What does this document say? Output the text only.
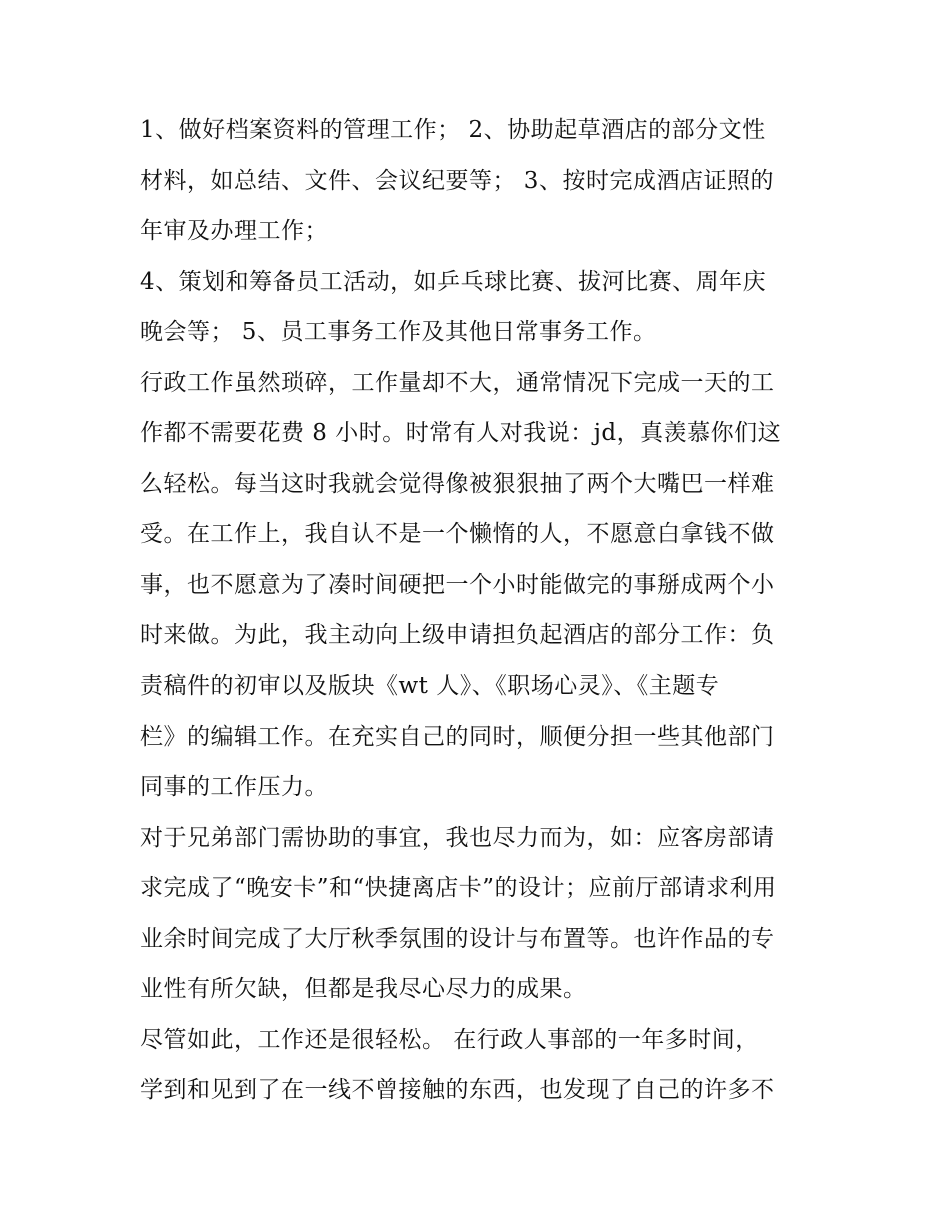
1、做好档案资料的管理工作； 2、协助起草酒店的部分文性
材料，如总结、文件、会议纪要等； 3、按时完成酒店证照的
年审及办理工作；
4、策划和筹备员工活动，如乒乓球比赛、拔河比赛、周年庆
晚会等； 5、员工事务工作及其他日常事务工作。
行政工作虽然琐碎，工作量却不大，通常情况下完成一天的工
作都不需要花费 8 小时。时常有人对我说：jd，真羡慕你们这
么轻松。每当这时我就会觉得像被狠狠抽了两个大嘴巴一样难
受。在工作上，我自认不是一个懒惰的人，不愿意白拿钱不做
事，也不愿意为了凑时间硬把一个小时能做完的事掰成两个小
时来做。为此，我主动向上级申请担负起酒店的部分工作：负
责稿件的初审以及版块《wt 人》、《职场心灵》、《主题专
栏》的编辑工作。在充实自己的同时，顺便分担一些其他部门
同事的工作压力。
对于兄弟部门需协助的事宜，我也尽力而为，如：应客房部请
求完成了“晚安卡”和“快捷离店卡”的设计；应前厅部请求利用
业余时间完成了大厅秋季氛围的设计与布置等。也许作品的专
业性有所欠缺，但都是我尽心尽力的成果。
尽管如此，工作还是很轻松。 在行政人事部的一年多时间，
学到和见到了在一线不曾接触的东西，也发现了自己的许多不
